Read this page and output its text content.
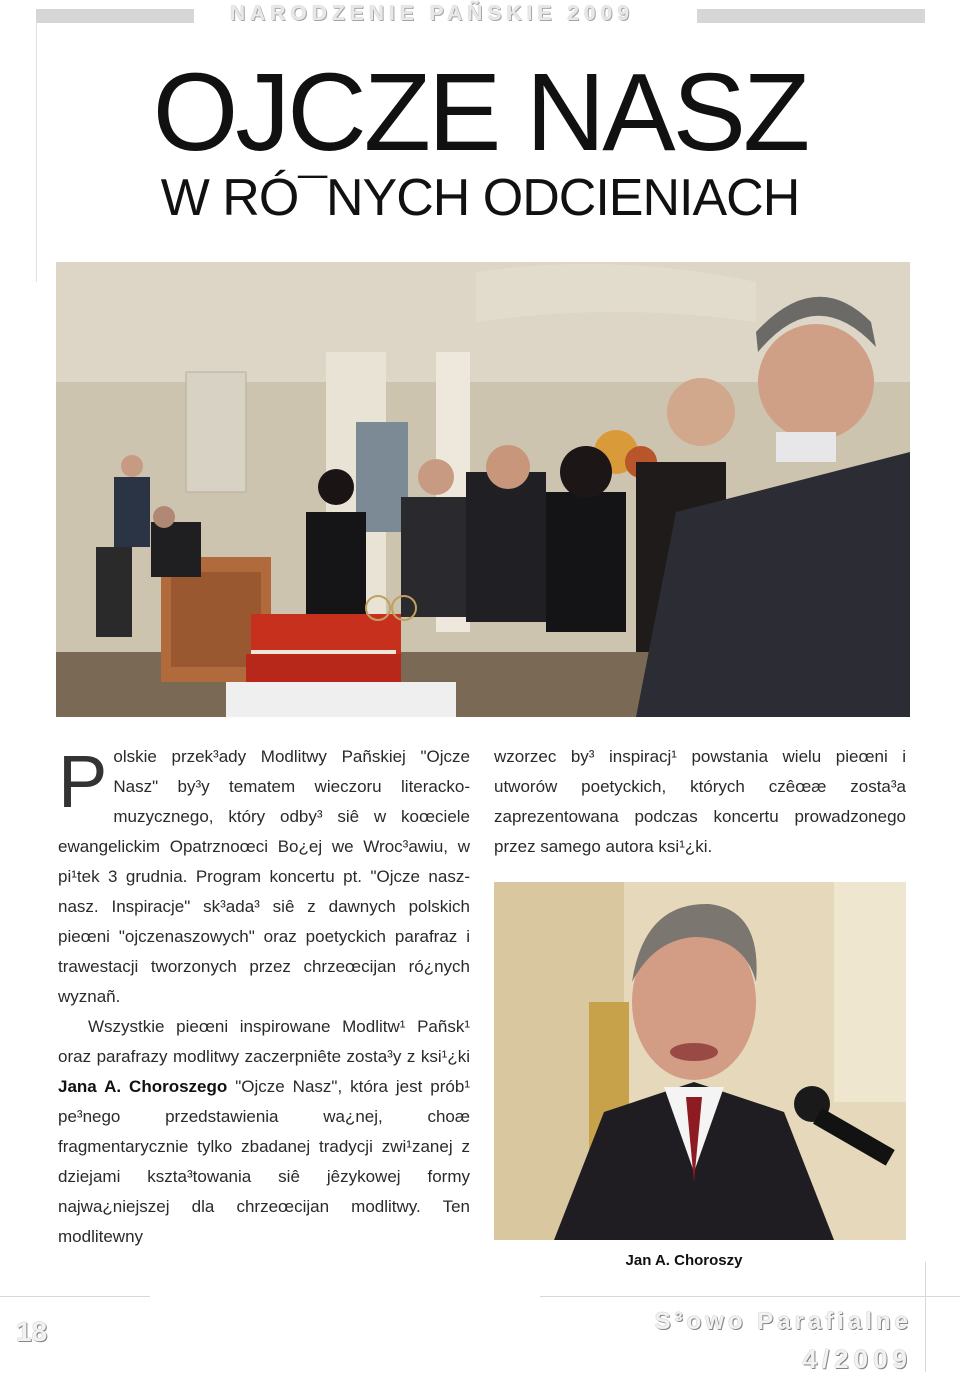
NARODZENIE PAÑSKIE 2009
OJCZE NASZ
W RÓ¯NYCH ODCIENIACH

Polskie przek³ady Modlitwy Pañskiej "Ojcze Nasz" by³y tematem wieczoru literacko-muzycznego, który odby³ siê w koœciele ewangelickim Opatrznoœci Bo¿ej we Wroc³awiu, w pi¹tek 3 grudnia. Program koncertu pt. "Ojcze nasz-nasz. Inspiracje" sk³ada³ siê z dawnych polskich pieœni "ojczenaszowych" oraz poetyckich parafraz i trawestacji tworzonych przez chrzeœcijan ró¿nych wyznañ.

Wszystkie pieœni inspirowane Modlitw¹ Pañsk¹ oraz parafrazy modlitwy zaczerpniête zosta³y z ksi¹¿ki Jana A. Choroszego "Ojcze Nasz", która jest prób¹ pe³nego przedstawienia wa¿nej, choæ fragmentarycznie tylko zbadanej tradycji zwi¹zanej z dziejami kszta³towania siê jêzykowej formy najwa¿niejszej dla chrzeœcijan modlitwy. Ten modlitewny

wzorzec by³ inspiracj¹ powstania wielu pieœni i utworów poetyckich, których czêœæ zosta³a zaprezentowana podczas koncertu prowadzonego przez samego autora ksi¹¿ki.

Jan A. Choroszy
18	S³owo Parafialne
4/2009
